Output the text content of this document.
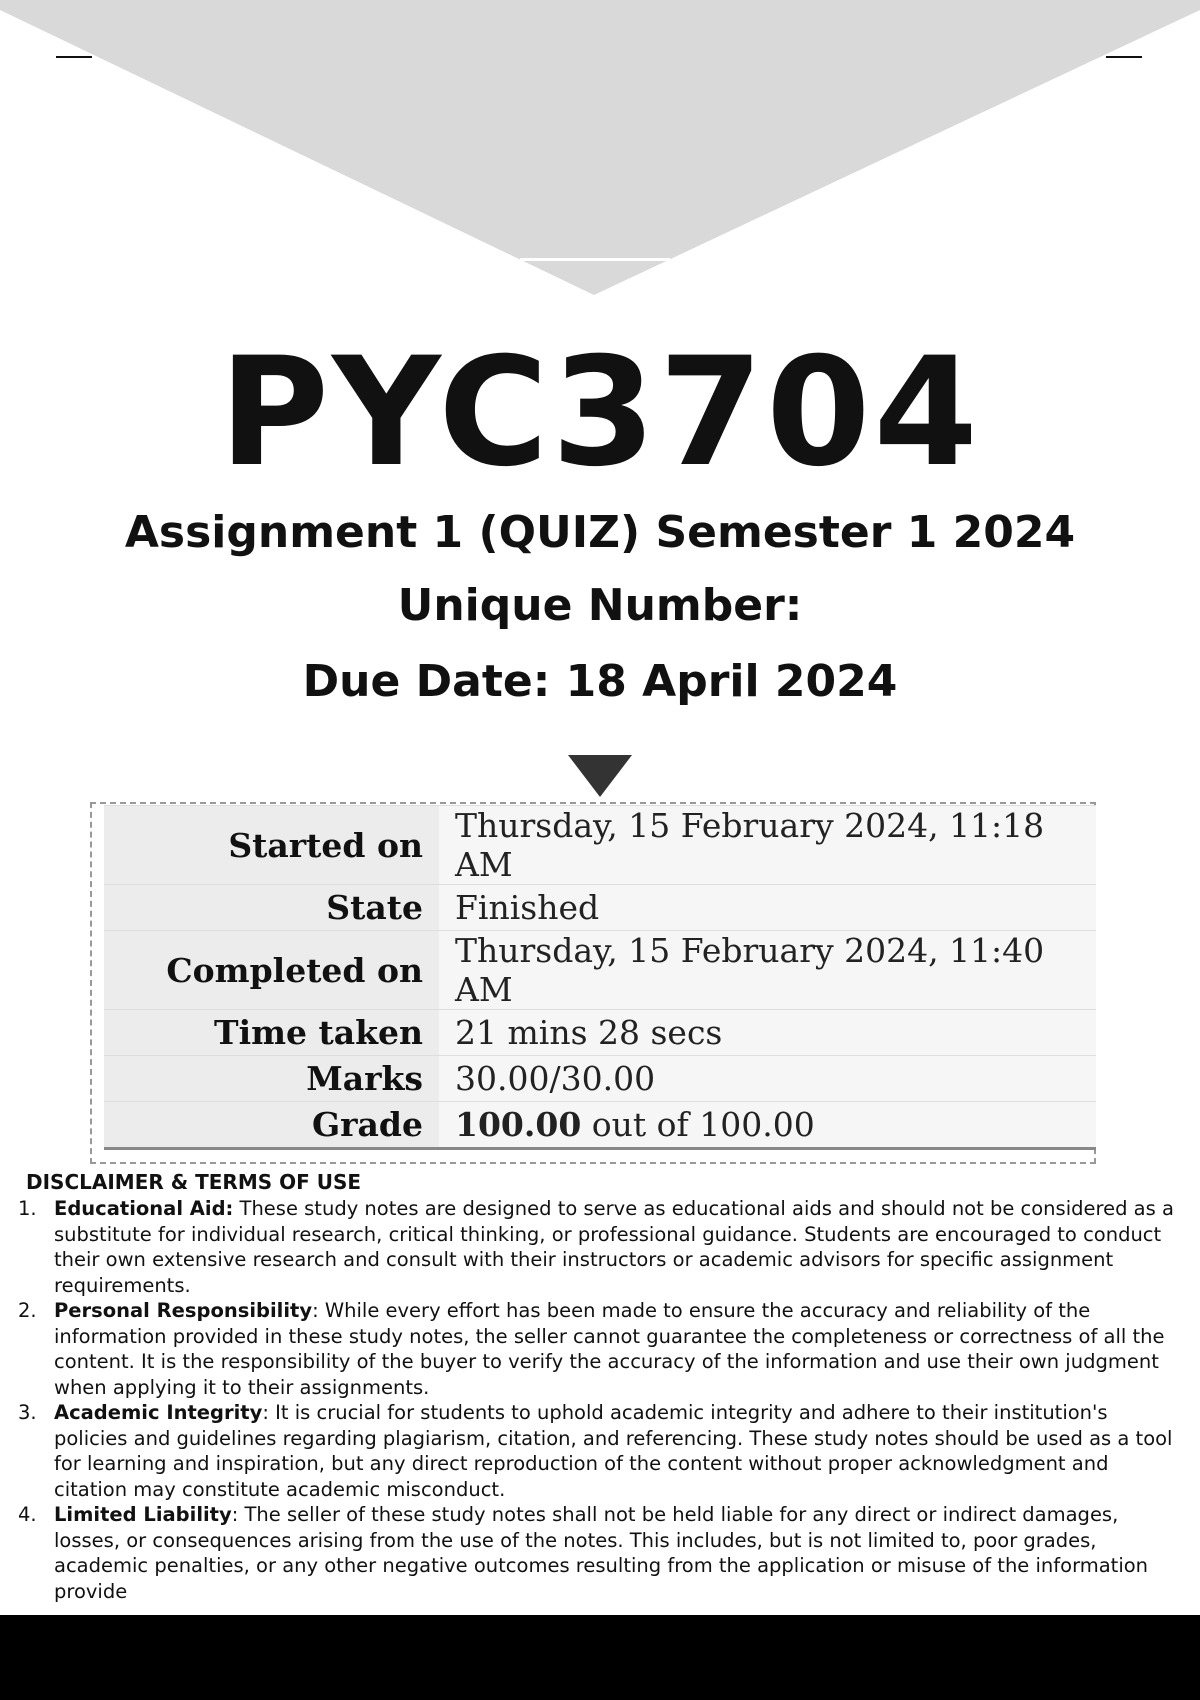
PYC3704
Assignment 1 (QUIZ) Semester 1 2024
Unique Number:
Due Date: 18 April 2024
Started on	Thursday, 15 February 2024, 11:18 AM
State	Finished
Completed on	Thursday, 15 February 2024, 11:40 AM
Time taken	21 mins 28 secs
Marks	30.00/30.00
Grade	100.00 out of 100.00
DISCLAIMER & TERMS OF USE
1. Educational Aid: These study notes are designed to serve as educational aids and should not be considered as a substitute for individual research, critical thinking, or professional guidance. Students are encouraged to conduct their own extensive research and consult with their instructors or academic advisors for specific assignment requirements.
2. Personal Responsibility: While every effort has been made to ensure the accuracy and reliability of the information provided in these study notes, the seller cannot guarantee the completeness or correctness of all the content. It is the responsibility of the buyer to verify the accuracy of the information and use their own judgment when applying it to their assignments.
3. Academic Integrity: It is crucial for students to uphold academic integrity and adhere to their institution's policies and guidelines regarding plagiarism, citation, and referencing. These study notes should be used as a tool for learning and inspiration, but any direct reproduction of the content without proper acknowledgment and citation may constitute academic misconduct.
4. Limited Liability: The seller of these study notes shall not be held liable for any direct or indirect damages, losses, or consequences arising from the use of the notes. This includes, but is not limited to, poor grades, academic penalties, or any other negative outcomes resulting from the application or misuse of the information provide
